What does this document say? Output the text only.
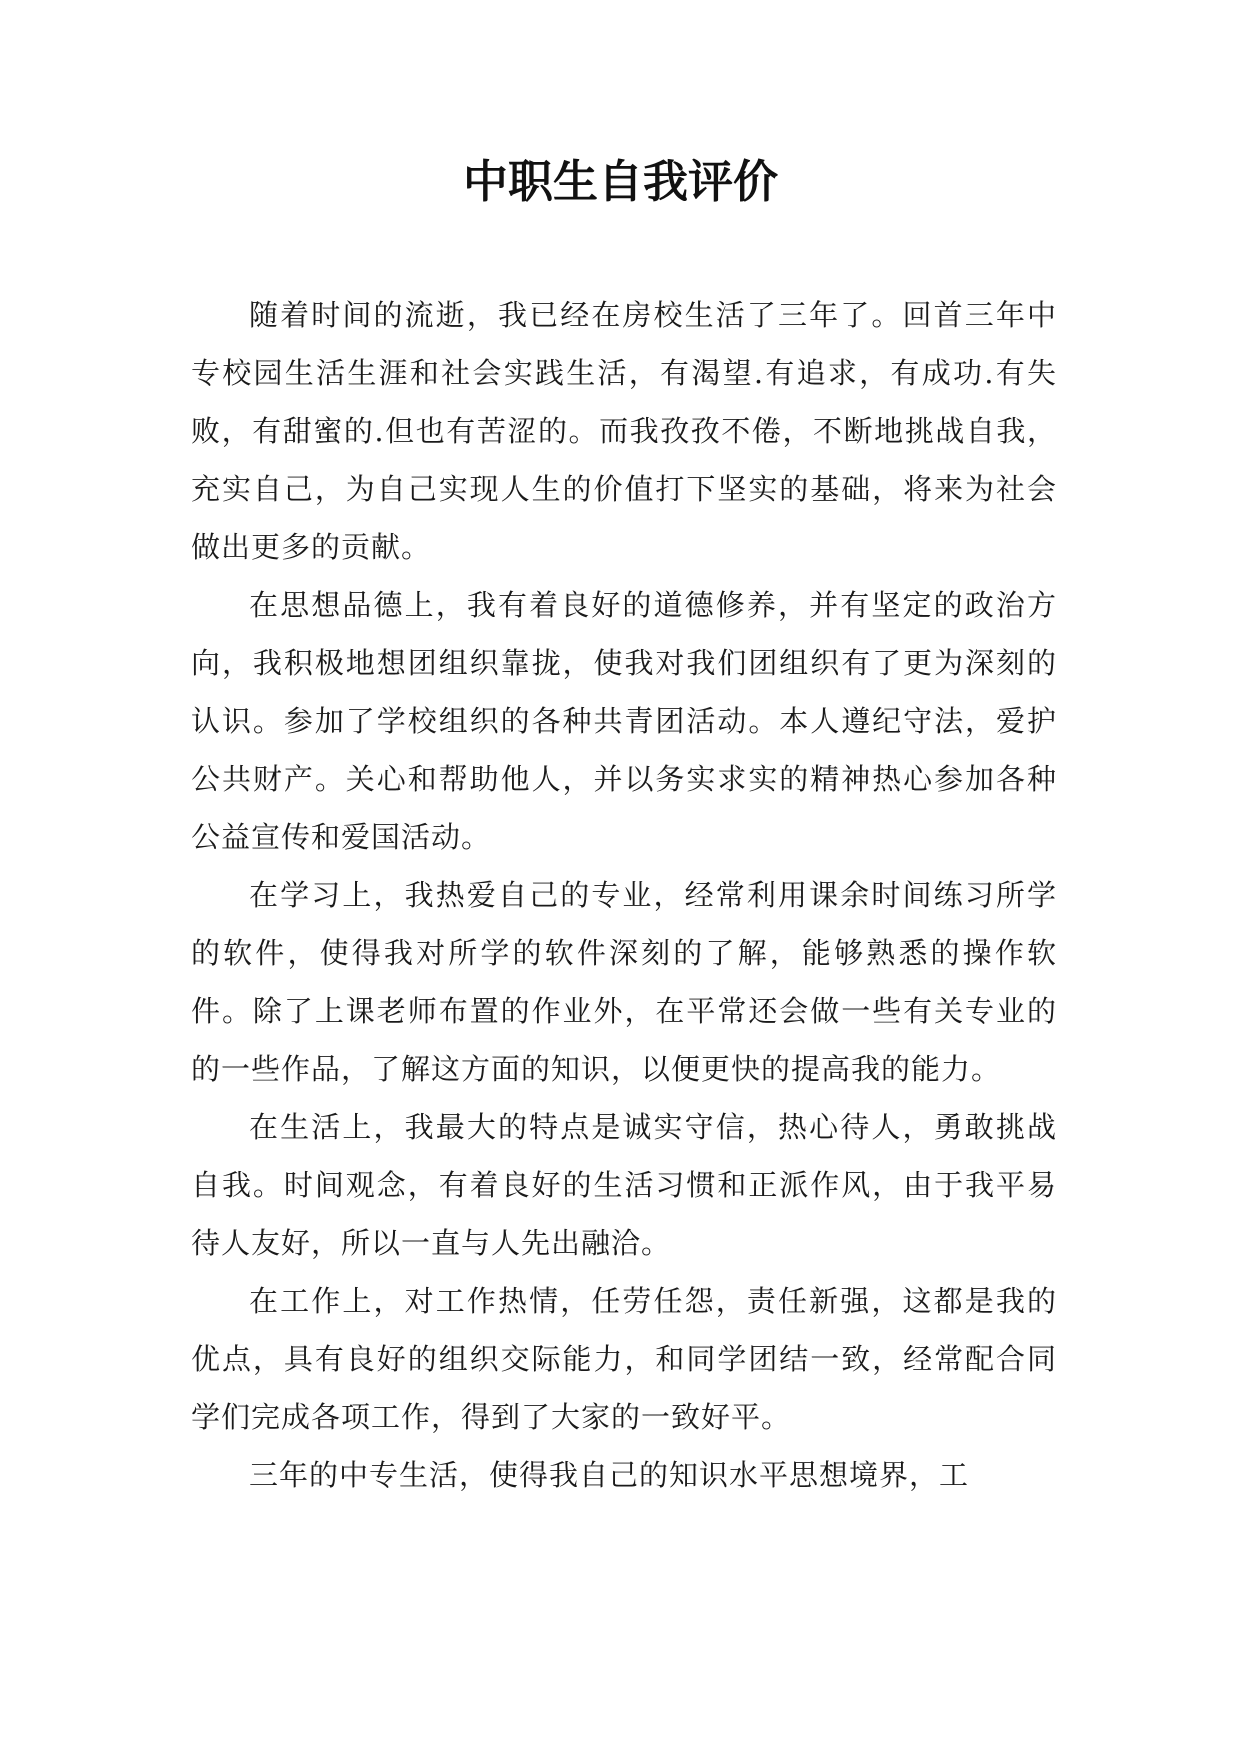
中职生自我评价

随着时间的流逝，我已经在房校生活了三年了。回首三年中专校园生活生涯和社会实践生活，有渴望.有追求，有成功.有失败，有甜蜜的.但也有苦涩的。而我孜孜不倦，不断地挑战自我，充实自己，为自己实现人生的价值打下坚实的基础，将来为社会做出更多的贡献。

在思想品德上，我有着良好的道德修养，并有坚定的政治方向，我积极地想团组织靠拢，使我对我们团组织有了更为深刻的认识。参加了学校组织的各种共青团活动。本人遵纪守法，爱护公共财产。关心和帮助他人，并以务实求实的精神热心参加各种公益宣传和爱国活动。

在学习上，我热爱自己的专业，经常利用课余时间练习所学的软件，使得我对所学的软件深刻的了解，能够熟悉的操作软件。除了上课老师布置的作业外，在平常还会做一些有关专业的的一些作品，了解这方面的知识，以便更快的提高我的能力。

在生活上，我最大的特点是诚实守信，热心待人，勇敢挑战自我。时间观念，有着良好的生活习惯和正派作风，由于我平易待人友好，所以一直与人先出融洽。

在工作上，对工作热情，任劳任怨，责任新强，这都是我的优点，具有良好的组织交际能力，和同学团结一致，经常配合同学们完成各项工作，得到了大家的一致好平。

三年的中专生活，使得我自己的知识水平思想境界，工
